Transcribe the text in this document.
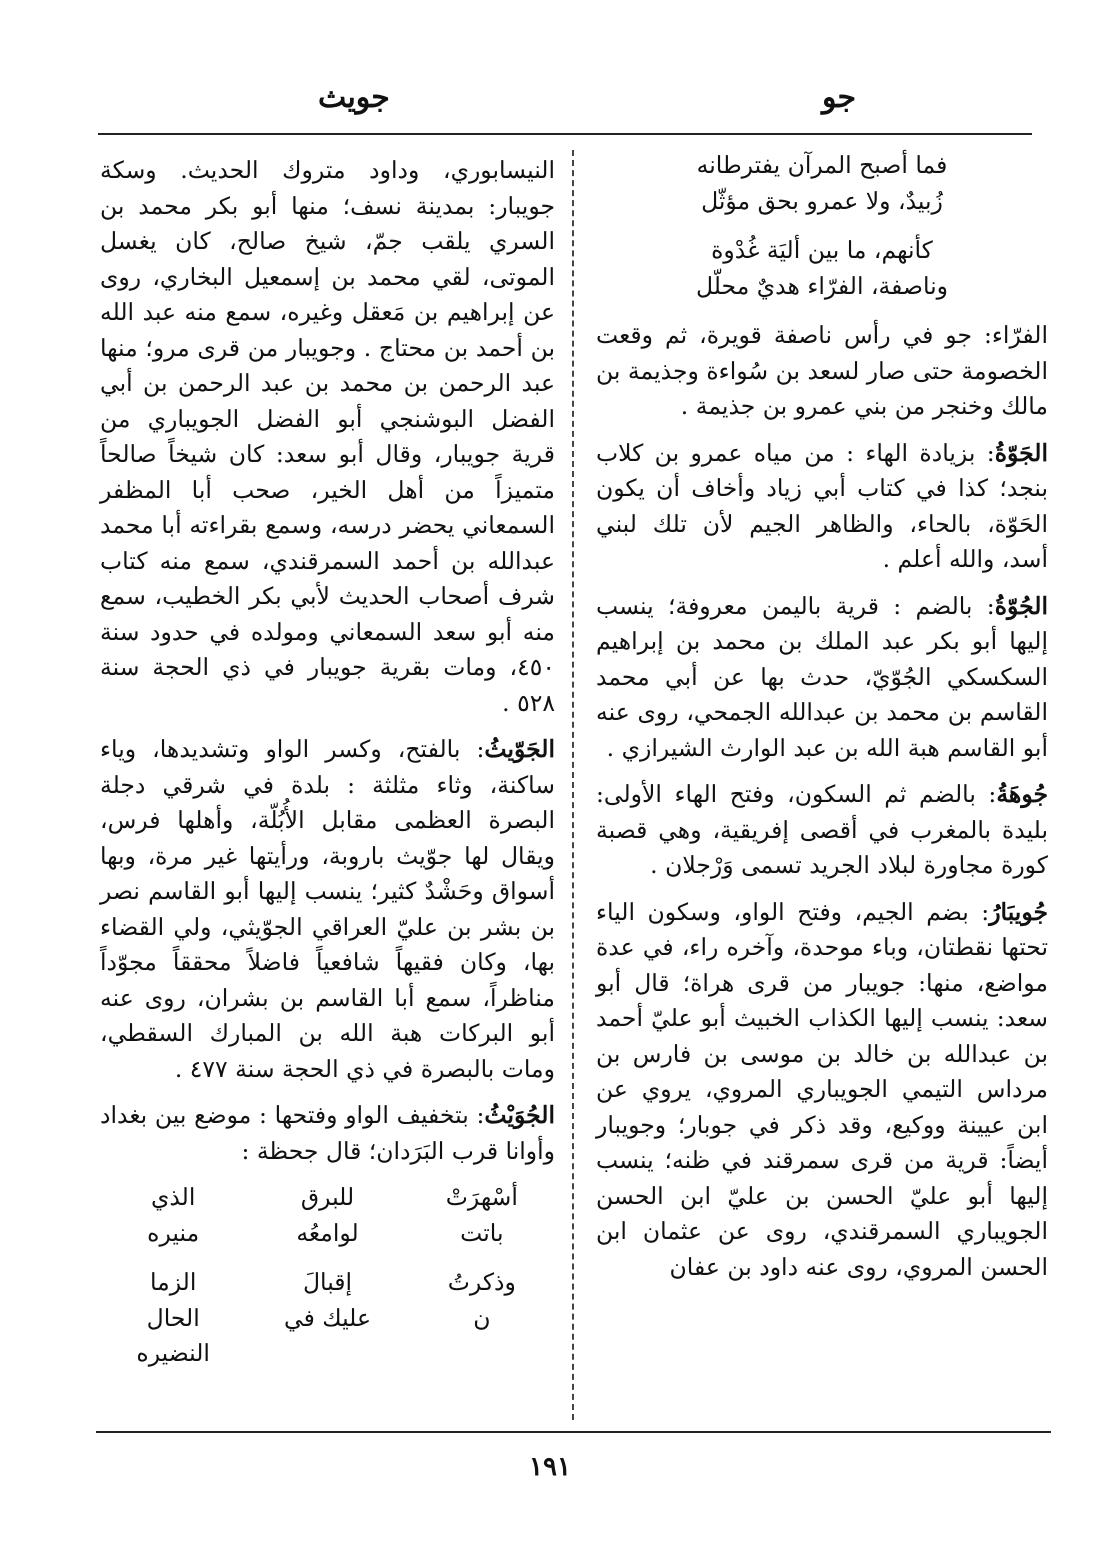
جويث	جو
فما أصبح المرآن يفترطانه
زُبيدٌ، ولا عمرو بحق مؤثّل
كأنهم، ما بين أليَة غُدْوة
وناصفة، الفرّاء هديٌ محلّل

الفرّاء: جو في رأس ناصفة قويرة، ثم وقعت الخصومة حتى صار لسعد بن سُواءة وجذيمة بن مالك وخنجر من بني عمرو بن جذيمة .

الجَوّةُ: بزيادة الهاء : من مياه عمرو بن كلاب بنجد؛ كذا في كتاب أبي زياد وأخاف أن يكون الحَوّة، بالحاء، والظاهر الجيم لأن تلك لبني أسد، والله أعلم .

الجُوّةُ: بالضم : قرية باليمن معروفة؛ ينسب إليها أبو بكر عبد الملك بن محمد بن إبراهيم السكسكي الجُوّيّ، حدث بها عن أبي محمد القاسم بن محمد بن عبدالله الجمحي، روى عنه أبو القاسم هبة الله بن عبد الوارث الشيرازي .

جُوهَةُ: بالضم ثم السكون، وفتح الهاء الأولى: بليدة بالمغرب في أقصى إفريقية، وهي قصبة كورة مجاورة لبلاد الجريد تسمى وَرْجلان .

جُويبَارُ: بضم الجيم، وفتح الواو، وسكون الياء تحتها نقطتان، وباء موحدة، وآخره راء، في عدة مواضع، منها: جويبار من قرى هراة؛ قال أبو سعد: ينسب إليها الكذاب الخبيث أبو عليّ أحمد بن عبدالله بن خالد بن موسى بن فارس بن مرداس التيمي الجويباري المروي، يروي عن ابن عيينة ووكيع، وقد ذكر في جوبار؛ وجويبار أيضاً: قرية من قرى سمرقند في ظنه؛ ينسب إليها أبو عليّ الحسن بن عليّ ابن الحسن الجويباري السمرقندي، روى عن عثمان ابن الحسن المروي، روى عنه داود بن عفان

النيسابوري، وداود متروك الحديث. وسكة جويبار: بمدينة نسف؛ منها أبو بكر محمد بن السري يلقب جمّ، شيخ صالح، كان يغسل الموتى، لقي محمد بن إسمعيل البخاري، روى عن إبراهيم بن مَعقل وغيره، سمع منه عبد الله بن أحمد بن محتاج . وجويبار من قرى مرو؛ منها عبد الرحمن بن محمد بن عبد الرحمن بن أبي الفضل البوشنجي أبو الفضل الجويباري من قرية جويبار، وقال أبو سعد: كان شيخاً صالحاً متميزاً من أهل الخير، صحب أبا المظفر السمعاني يحضر درسه، وسمع بقراءته أبا محمد عبدالله بن أحمد السمرقندي، سمع منه كتاب شرف أصحاب الحديث لأبي بكر الخطيب، سمع منه أبو سعد السمعاني ومولده في حدود سنة ٤٥٠، ومات بقرية جويبار في ذي الحجة سنة ٥٢٨ .

الجَوّيثُ: بالفتح، وكسر الواو وتشديدها، وياء ساكنة، وثاء مثلثة : بلدة في شرقي دجلة البصرة العظمى مقابل الأُبُلّة، وأهلها فرس، ويقال لها جوّيث باروبة، ورأيتها غير مرة، وبها أسواق وحَشْدٌ كثير؛ ينسب إليها أبو القاسم نصر بن بشر بن عليّ العراقي الجوّيثي، ولي القضاء بها، وكان فقيهاً شافعياً فاضلاً محققاً مجوّداً مناظراً، سمع أبا القاسم بن بشران، روى عنه أبو البركات هبة الله بن المبارك السقطي، ومات بالبصرة في ذي الحجة سنة ٤٧٧ .

الجُوَيْثُ: بتخفيف الواو وفتحها : موضع بين بغداد وأوانا قرب البَرَدان؛ قال جحظة :

أسْهرَتْ
للبرق
الذي
باتت
لوامعُه
منيره
وذكرتُ
إقبالَ
الزما
ن
عليك في
الحال النضيره
١٩١
